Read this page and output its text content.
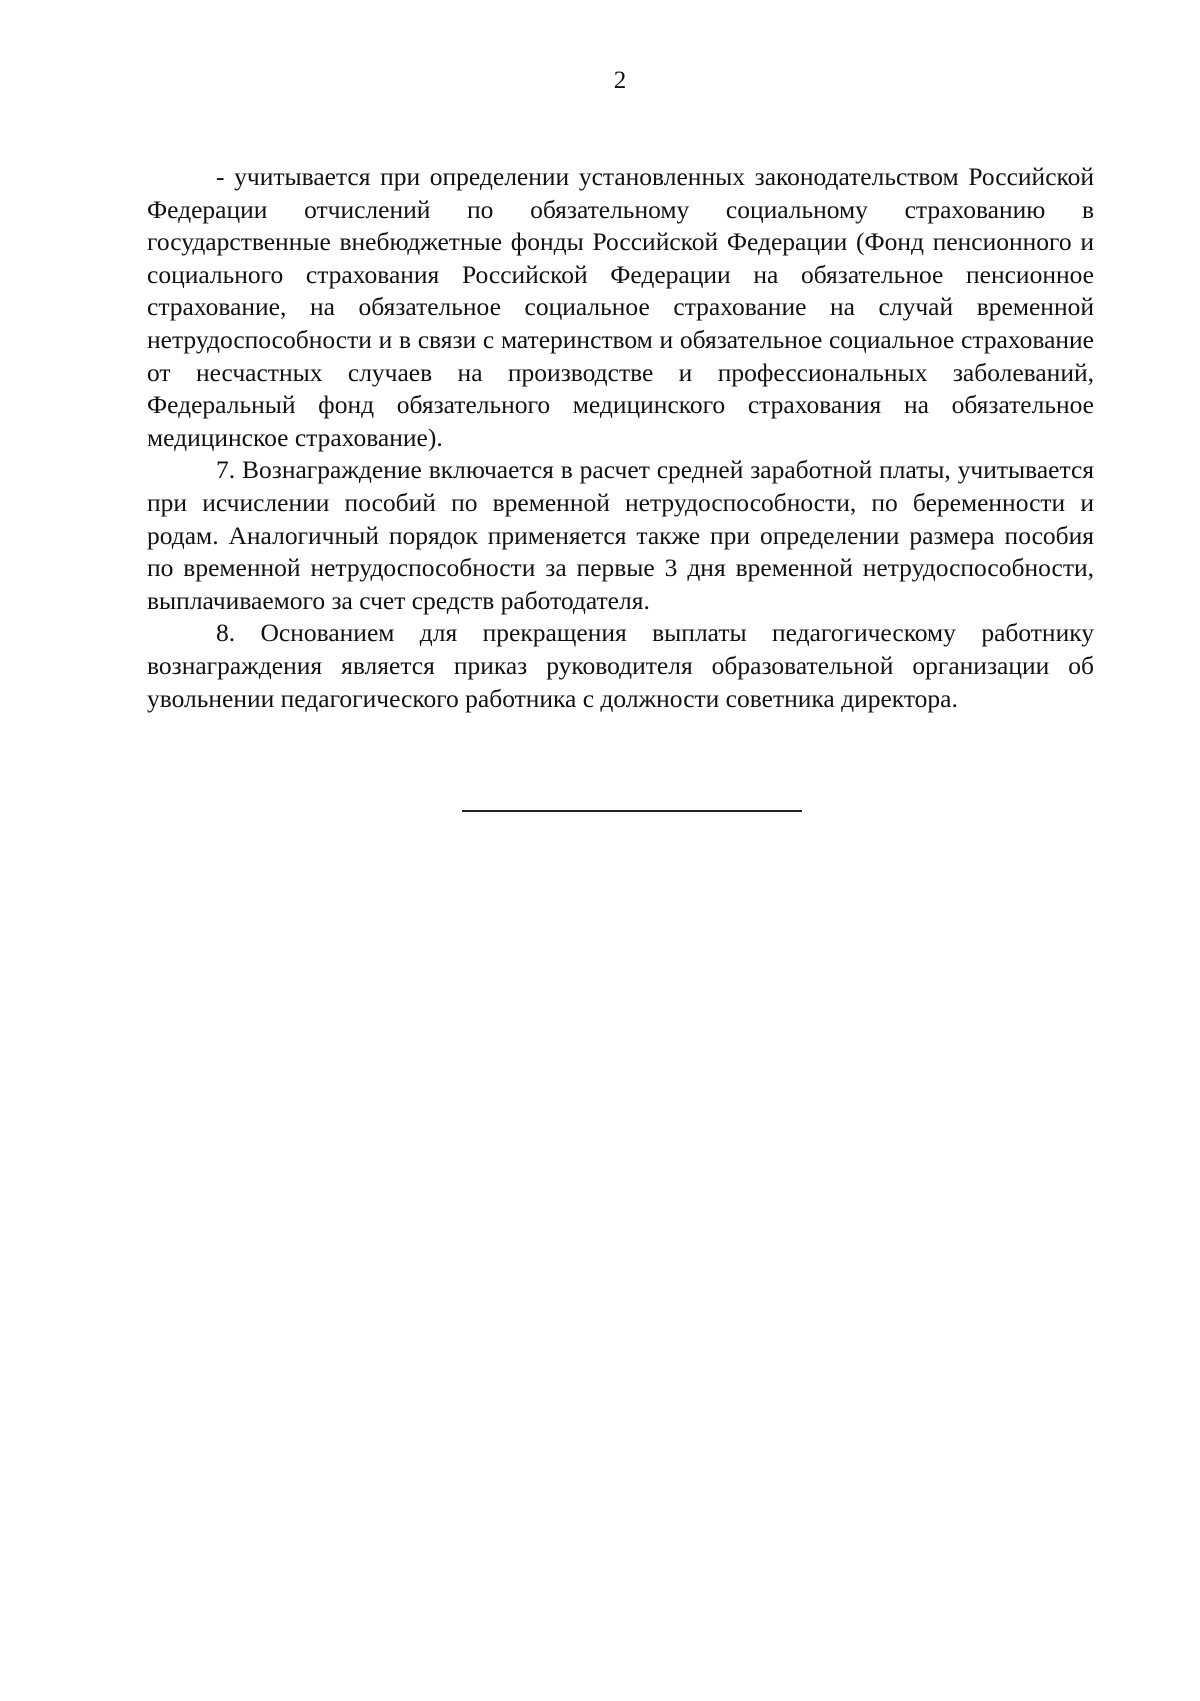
2

- учитывается при определении установленных законодательством Российской Федерации отчислений по обязательному социальному страхованию в государственные внебюджетные фонды Российской Федерации (Фонд пенсионного и социального страхования Российской Федерации на обязательное пенсионное страхование, на обязательное социальное страхование на случай временной нетрудоспособности и в связи с материнством и обязательное социальное страхование от несчастных случаев на производстве и профессиональных заболеваний, Федеральный фонд обязательного медицинского страхования на обязательное медицинское страхование).

7. Вознаграждение включается в расчет средней заработной платы, учитывается при исчислении пособий по временной нетрудоспособности, по беременности и родам. Аналогичный порядок применяется также при определении размера пособия по временной нетрудоспособности за первые 3 дня временной нетрудоспособности, выплачиваемого за счет средств работодателя.

8. Основанием для прекращения выплаты педагогическому работнику вознаграждения является приказ руководителя образовательной организации об увольнении педагогического работника с должности советника директора.
